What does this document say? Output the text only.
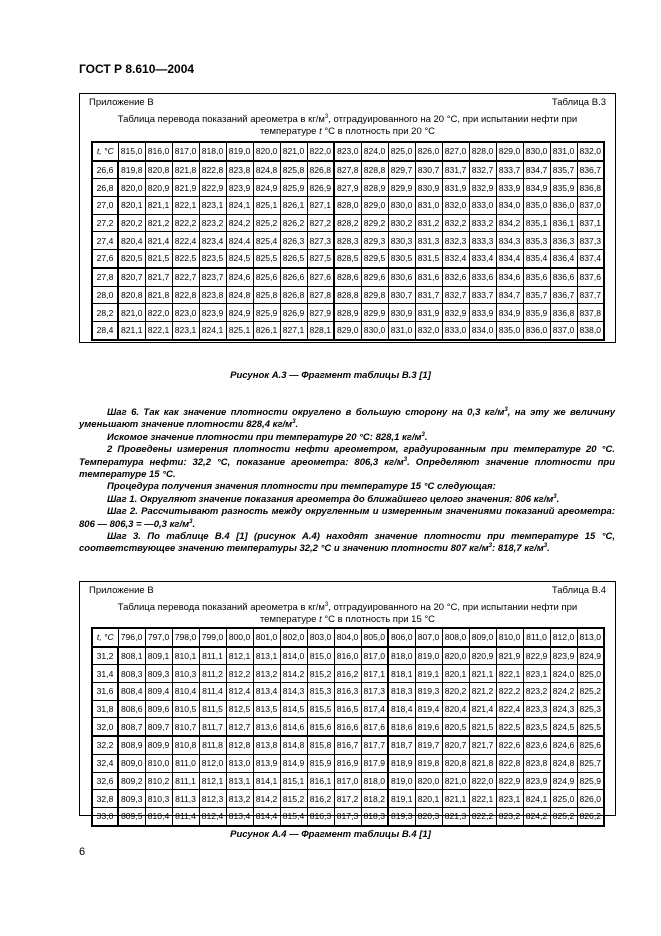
ГОСТ Р 8.610—2004
Приложение В	Таблица В.3
Таблица перевода показаний ареометра в $кг/м^3$, отградуированного на 20 °С, при испытании нефти при
температуре t °С в плотность при 20 °С
t, °C	815,0	816,0	817,0	818,0	819,0	820,0	821,0	822,0	823,0	824,0	825,0	826,0	827,0	828,0	829,0	830,0	831,0	832,0
26,6	819,8	820,8	821,8	822,8	823,8	824,8	825,8	826,8	827,8	828,8	829,7	830,7	831,7	832,7	833,7	834,7	835,7	836,7
26,8	820,0	820,9	821,9	822,9	823,9	824,9	825,9	826,9	827,9	828,9	829,9	830,9	831,9	832,9	833,9	834,9	835,9	836,8
27,0	820,1	821,1	822,1	823,1	824,1	825,1	826,1	827,1	828,0	829,0	830,0	831,0	832,0	833,0	834,0	835,0	836,0	837,0
27,2	820,2	821,2	822,2	823,2	824,2	825,2	826,2	827,2	828,2	829,2	830,2	831,2	832,2	833,2	834,2	835,1	836,1	837,1
27,4	820,4	821,4	822,4	823,4	824,4	825,4	826,3	827,3	828,3	829,3	830,3	831,3	832,3	833,3	834,3	835,3	836,3	837,3
27,6	820,5	821,5	822,5	823,5	824,5	825,5	826,5	827,5	828,5	829,5	830,5	831,5	832,4	833,4	834,4	835,4	836,4	837,4
27,8	820,7	821,7	822,7	823,7	824,6	825,6	826,6	827,6	828,6	829,6	830,6	831,6	832,6	833,6	834,6	835,6	836,6	837,6
28,0	820,8	821,8	822,8	823,8	824,8	825,8	826,8	827,8	828,8	829,8	830,7	831,7	832,7	833,7	834,7	835,7	836,7	837,7
28,2	821,0	822,0	823,0	823,9	824,9	825,9	826,9	827,9	828,9	829,9	830,9	831,9	832,9	833,9	834,9	835,9	836,8	837,8
28,4	821,1	822,1	823,1	824,1	825,1	826,1	827,1	828,1	829,0	830,0	831,0	832,0	833,0	834,0	835,0	836,0	837,0	838,0
Рисунок А.3 — Фрагмент таблицы В.3 [1]

Шаг 6. Так как значение плотности округлено в большую сторону на 0,3 $кг/м^3$, на эту же величину уменьшают значение плотности 828,4 $кг/м^3$.

Искомое значение плотности при температуре 20 °С: 828,1 $кг/м^3$.

2 Проведены измерения плотности нефти ареометром, градуированным при температуре 20 °С. Температура нефти: 32,2 °С, показание ареометра: 806,3 $кг/м^3$. Определяют значение плотности при температуре 15 °С.

Процедура получения значения плотности при температуре 15 °С следующая:

Шаг 1. Округляют значение показания ареометра до ближайшего целого значения: 806 $кг/м^3$.

Шаг 2. Рассчитывают разность между округленным и измеренным значениями показаний ареометра: 806 — 806,3 = —0,3 $кг/м^3$.

Шаг 3. По таблице В.4 [1] (рисунок А.4) находят значение плотности при температуре 15 °С, соответствующее значению температуры 32,2 °С и значению плотности 807 $кг/м^3$: 818,7 $кг/м^3$.

Приложение В	Таблица В.4
Таблица перевода показаний ареометра в $кг/м^3$, отградуированного на 20 °С, при испытании нефти при
температуре t °С в плотность при 15 °С
t, °C	796,0	797,0	798,0	799,0	800,0	801,0	802,0	803,0	804,0	805,0	806,0	807,0	808,0	809,0	810,0	811,0	812,0	813,0
31,2	808,1	809,1	810,1	811,1	812,1	813,1	814,0	815,0	816,0	817,0	818,0	819,0	820,0	820,9	821,9	822,9	823,9	824,9
31,4	808,3	809,3	810,3	811,2	812,2	813,2	814,2	815,2	816,2	817,1	818,1	819,1	820,1	821,1	822,1	823,1	824,0	825,0
31,6	808,4	809,4	810,4	811,4	812,4	813,4	814,3	815,3	816,3	817,3	818,3	819,3	820,2	821,2	822,2	823,2	824,2	825,2
31,8	808,6	809,6	810,5	811,5	812,5	813,5	814,5	815,5	816,5	817,4	818,4	819,4	820,4	821,4	822,4	823,3	824,3	825,3
32,0	808,7	809,7	810,7	811,7	812,7	813,6	814,6	815,6	816,6	817,6	818,6	819,6	820,5	821,5	822,5	823,5	824,5	825,5
32,2	808,9	809,9	810,8	811,8	812,8	813,8	814,8	815,8	816,7	817,7	818,7	819,7	820,7	821,7	822,6	823,6	824,6	825,6
32,4	809,0	810,0	811,0	812,0	813,0	813,9	814,9	815,9	816,9	817,9	818,9	819,8	820,8	821,8	822,8	823,8	824,8	825,7
32,6	809,2	810,2	811,1	812,1	813,1	814,1	815,1	816,1	817,0	818,0	819,0	820,0	821,0	822,0	822,9	823,9	824,9	825,9
32,8	809,3	810,3	811,3	812,3	813,2	814,2	815,2	816,2	817,2	818,2	819,1	820,1	821,1	822,1	823,1	824,1	825,0	826,0
33,0	809,5	810,4	811,4	812,4	813,4	814,4	815,4	816,3	817,3	818,3	819,3	820,3	821,3	822,2	823,2	824,2	825,2	826,2
Рисунок А.4 — Фрагмент таблицы В.4 [1]
6
